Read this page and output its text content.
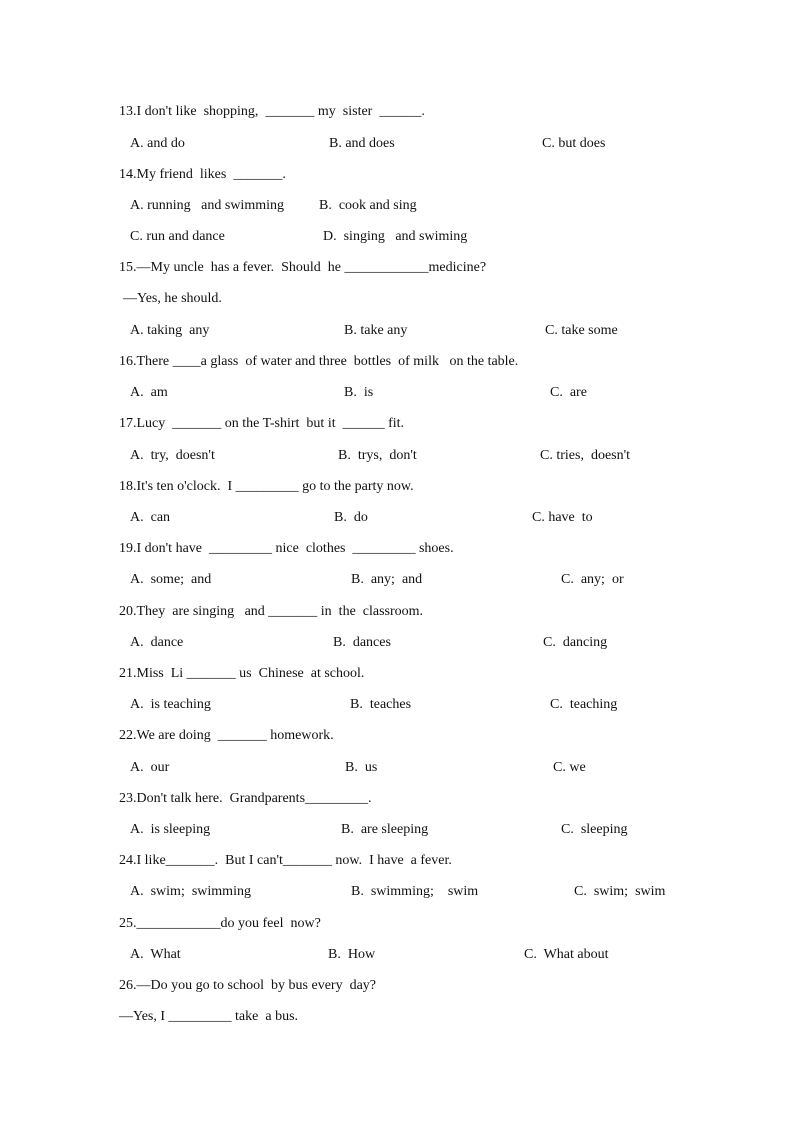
13.I don't like  shopping,  _______ my  sister  ______.
A. and do	B. and does	C. but does
14.My friend  likes  _______.
A. running   and swimming	B.  cook and sing
C. run and dance	D.  singing   and swiming
15.—My uncle  has a fever.  Should  he ____________medicine?
—Yes, he should.
A. taking  any	B. take any	C. take some
16.There ____a glass  of water and three  bottles  of milk   on the table.
A.  am	B.  is	C.  are
17.Lucy  _______ on the T-shirt  but it  ______ fit.
A.  try,  doesn't	B.  trys,  don't	C. tries,  doesn't
18.It's ten o'clock.  I _________ go to the party now.
A.  can	B.  do	C. have  to
19.I don't have  _________ nice  clothes  _________ shoes.
A.  some;  and	B.  any;  and	C.  any;  or
20.They  are singing   and _______ in  the  classroom.
A.  dance	B.  dances	C.  dancing
21.Miss  Li _______ us  Chinese  at school.
A.  is teaching	B.  teaches	C.  teaching
22.We are doing  _______ homework.
A.  our	B.  us	C. we
23.Don't talk here.  Grandparents_________.
A.  is sleeping	B.  are sleeping	C.  sleeping
24.I like_______.  But I can't_______ now.  I have  a fever.
A.  swim;  swimming	B.  swimming;    swim	C.  swim;  swim
25.____________do you feel  now?
A.  What	B.  How	C.  What about
26.—Do you go to school  by bus every  day?
—Yes, I _________ take  a bus.
